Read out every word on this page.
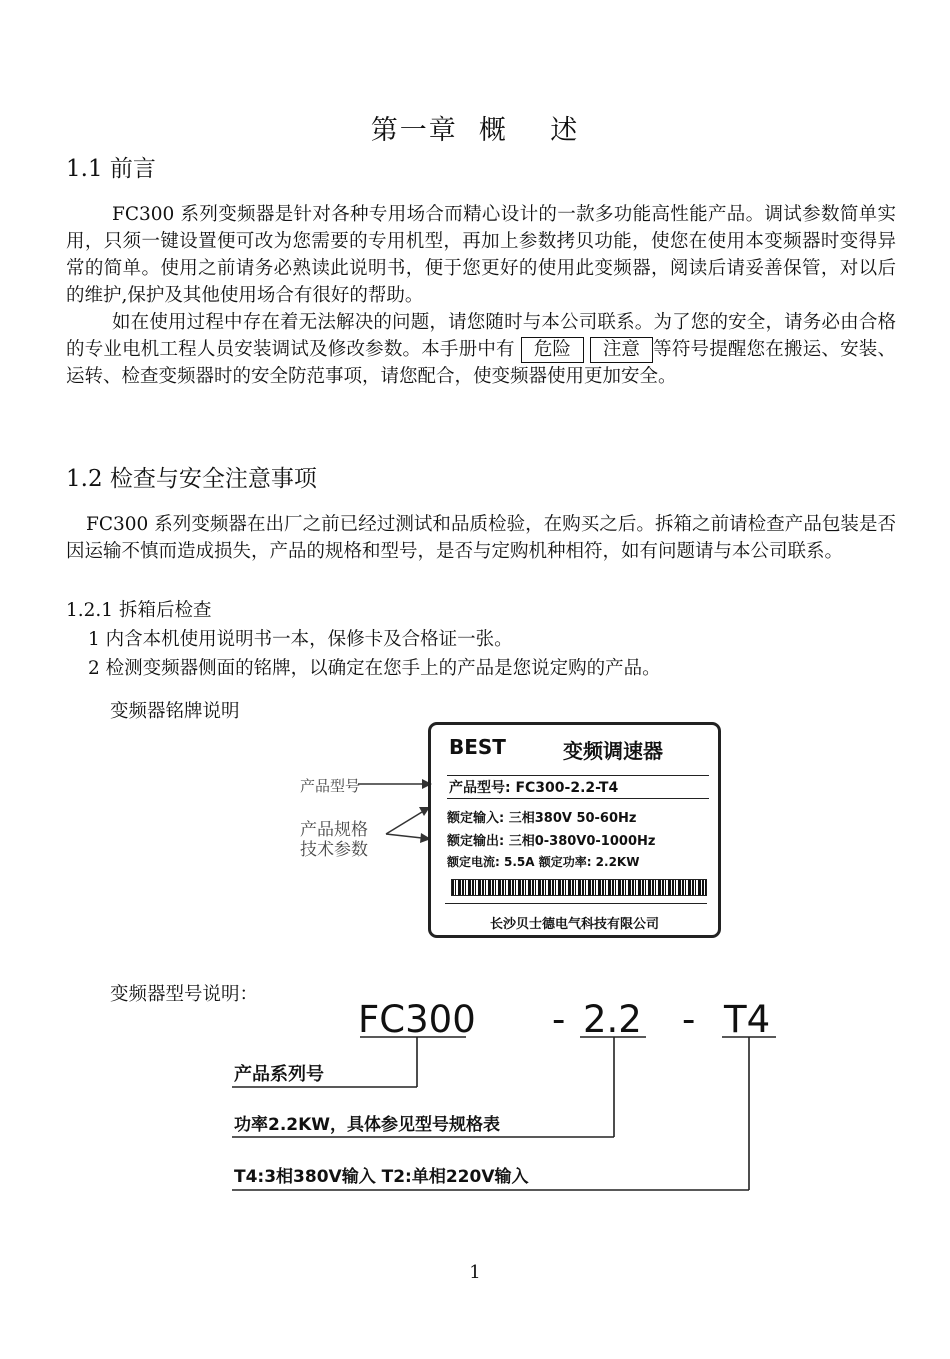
第一章  概    述
1.1 前言

FC300 系列变频器是针对各种专用场合而精心设计的一款多功能高性能产品。调试参数简单实用，只须一键设置便可改为您需要的专用机型，再加上参数拷贝功能，使您在使用本变频器时变得异常的简单。使用之前请务必熟读此说明书，便于您更好的使用此变频器，阅读后请妥善保管，对以后的维护,保护及其他使用场合有很好的帮助。

如在使用过程中存在着无法解决的问题，请您随时与本公司联系。为了您的安全，请务必由合格的专业电机工程人员安装调试及修改参数。本手册中有 危险 注意 等符号提醒您在搬运、安装、运转、检查变频器时的安全防范事项，请您配合，使变频器使用更加安全。

1.2 检查与安全注意事项

FC300 系列变频器在出厂之前已经过测试和品质检验，在购买之后。拆箱之前请检查产品包装是否因运输不慎而造成损失，产品的规格和型号，是否与定购机种相符，如有问题请与本公司联系。

1.2.1 拆箱后检查
1 内含本机使用说明书一本，保修卡及合格证一张。
2 检测变频器侧面的铭牌，以确定在您手上的产品是您说定购的产品。
变频器铭牌说明
产品型号
产品规格
技术参数
BEST	变频调速器
产品型号: FC300-2.2-T4
额定输入: 三相380V 50-60Hz
额定输出: 三相0-380V0-1000Hz
额定电流: 5.5A 额定功率: 2.2KW
长沙贝士德电气科技有限公司
变频器型号说明：
FC300 - 2.2 - T4
产品系列号
功率2.2KW，具体参见型号规格表
T4:3相380V输入 T2:单相220V输入
1
